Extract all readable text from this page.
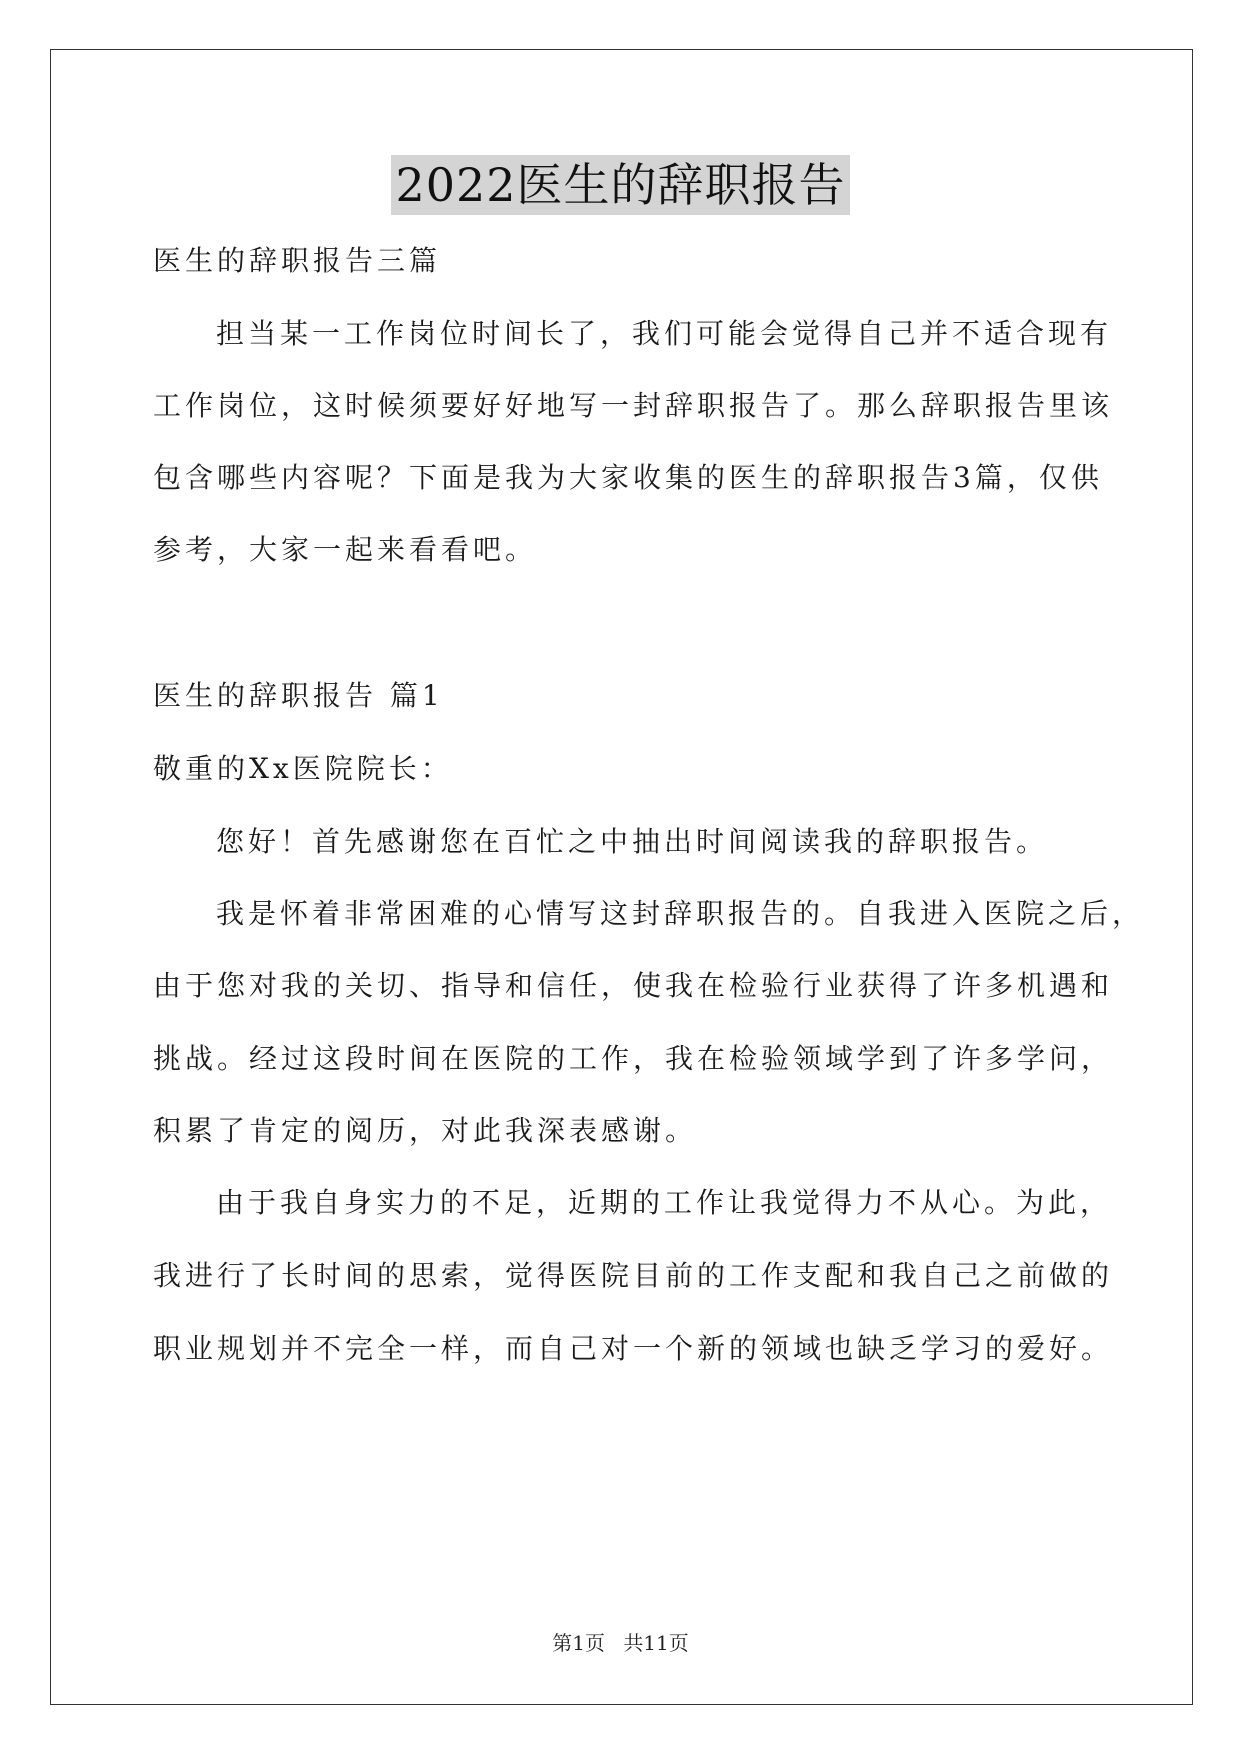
2022医生的辞职报告
医生的辞职报告三篇
担当某一工作岗位时间长了，我们可能会觉得自己并不适合现有
工作岗位，这时候须要好好地写一封辞职报告了。那么辞职报告里该
包含哪些内容呢？下面是我为大家收集的医生的辞职报告3篇，仅供
参考，大家一起来看看吧。
医生的辞职报告 篇1
敬重的Xx医院院长：
您好！首先感谢您在百忙之中抽出时间阅读我的辞职报告。
我是怀着非常困难的心情写这封辞职报告的。自我进入医院之后，
由于您对我的关切、指导和信任，使我在检验行业获得了许多机遇和
挑战。经过这段时间在医院的工作，我在检验领域学到了许多学问，
积累了肯定的阅历，对此我深表感谢。
由于我自身实力的不足，近期的工作让我觉得力不从心。为此，
我进行了长时间的思索，觉得医院目前的工作支配和我自己之前做的
职业规划并不完全一样，而自己对一个新的领域也缺乏学习的爱好。
第1页 共11页
